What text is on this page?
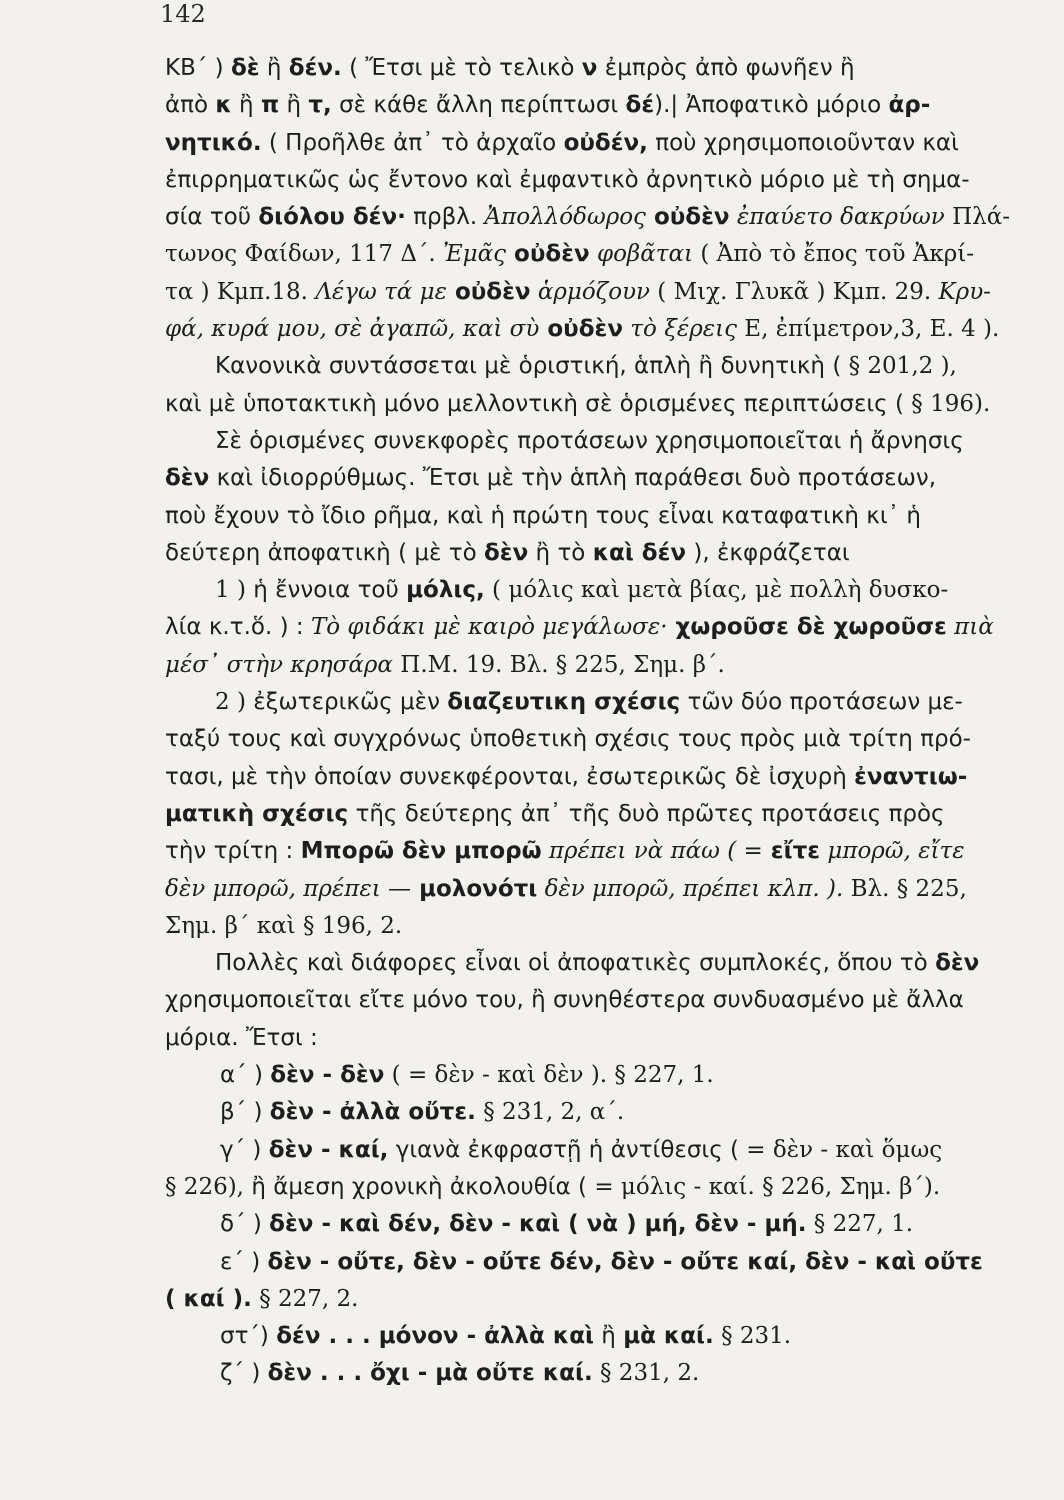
142
ΚΒ΄ ) δὲ ἢ δέν. ( Ἔτσι μὲ τὸ τελικὸ ν ἐμπρὸς ἀπὸ φωνῆεν ἢ
ἀπὸ κ ἢ π ἢ τ, σὲ κάθε ἄλλη περίπτωσι δέ).| Ἀποφατικὸ μόριο ἀρ-
νητικό. ( Προῆλθε ἀπ᾽ τὸ ἀρχαῖο οὐδέν, ποὺ χρησιμοποιοῦνταν καὶ
ἐπιρρηματικῶς ὡς ἔντονο καὶ ἐμφαντικὸ ἀρνητικὸ μόριο μὲ τὴ σημα-
σία τοῦ διόλου δέν· πρβλ. Ἀπολλόδωρος οὐδὲν ἐπαύετο δακρύων Πλά-
τωνος Φαίδων, 117 Δ΄. Ἐμᾶς οὐδὲν φοβᾶται ( Ἀπὸ τὸ ἔπος τοῦ Ἀκρί-
τα ) Κμπ.18. Λέγω τά με οὐδὲν ἁρμόζουν ( Μιχ. Γλυκᾶ ) Κμπ. 29. Κρυ-
φά, κυρά μου, σὲ ἀγαπῶ, καὶ σὺ οὐδὲν τὸ ξέρεις Ε, ἐπίμετρον,3, Ε. 4 ).
Κανονικὰ συντάσσεται μὲ ὁριστική, ἁπλὴ ἢ δυνητικὴ ( § 201,2 ),
καὶ μὲ ὑποτακτικὴ μόνο μελλοντικὴ σὲ ὁρισμένες περιπτώσεις ( § 196).
Σὲ ὁρισμένες συνεκφορὲς προτάσεων χρησιμοποιεῖται ἡ ἄρνησις
δὲν καὶ ἰδιορρύθμως. Ἔτσι μὲ τὴν ἁπλὴ παράθεσι δυὸ προτάσεων,
ποὺ ἔχουν τὸ ἴδιο ρῆμα, καὶ ἡ πρώτη τους εἶναι καταφατικὴ κι᾽ ἡ
δεύτερη ἀποφατικὴ ( μὲ τὸ δὲν ἢ τὸ καὶ δέν ), ἐκφράζεται
1 ) ἡ ἔννοια τοῦ μόλις, ( μόλις καὶ μετὰ βίας, μὲ πολλὴ δυσκο-
λία κ.τ.ὅ. ) : Τὸ φιδάκι μὲ καιρὸ μεγάλωσε· χωροῦσε δὲ χωροῦσε πιὰ
μέσ᾽ στὴν κρησάρα Π.Μ. 19. Βλ. § 225, Σημ. β΄.
2 ) ἐξωτερικῶς μὲν διαζευτικη σχέσις τῶν δύο προτάσεων με-
ταξύ τους καὶ συγχρόνως ὑποθετικὴ σχέσις τους πρὸς μιὰ τρίτη πρό-
τασι, μὲ τὴν ὁποίαν συνεκφέρονται, ἐσωτερικῶς δὲ ἰσχυρὴ ἐναντιω-
ματικὴ σχέσις τῆς δεύτερης ἀπ᾽ τῆς δυὸ πρῶτες προτάσεις πρὸς
τὴν τρίτη : Μπορῶ δὲν μπορῶ πρέπει νὰ πάω ( = εἴτε μπορῶ, εἴτε
δὲν μπορῶ, πρέπει — μολονότι δὲν μπορῶ, πρέπει κλπ. ). Βλ. § 225,
Σημ. β΄ καὶ § 196, 2.
Πολλὲς καὶ διάφορες εἶναι οἱ ἀποφατικὲς συμπλοκές, ὅπου τὸ δὲν
χρησιμοποιεῖται εἴτε μόνο του, ἢ συνηθέστερα συνδυασμένο μὲ ἄλλα
μόρια. Ἔτσι :
α΄ ) δὲν - δὲν ( = δὲν - καὶ δὲν ). § 227, 1.
β΄ ) δὲν - ἀλλὰ οὔτε. § 231, 2, α΄.
γ΄ ) δὲν - καί, γιανὰ ἐκφραστῇ ἡ ἀντίθεσις ( = δὲν - καὶ ὅμως
§ 226), ἢ ἄμεση χρονικὴ ἀκολουθία ( = μόλις - καί. § 226, Σημ. β΄).
δ΄ ) δὲν - καὶ δέν, δὲν - καὶ ( νὰ ) μή, δὲν - μή. § 227, 1.
ε΄ ) δὲν - οὔτε, δὲν - οὔτε δέν, δὲν - οὔτε καί, δὲν - καὶ οὔτε
( καί ). § 227, 2.
στ΄) δέν . . . μόνον - ἀλλὰ καὶ ἢ μὰ καί. § 231.
ζ΄ ) δὲν . . . ὄχι - μὰ οὔτε καί. § 231, 2.
